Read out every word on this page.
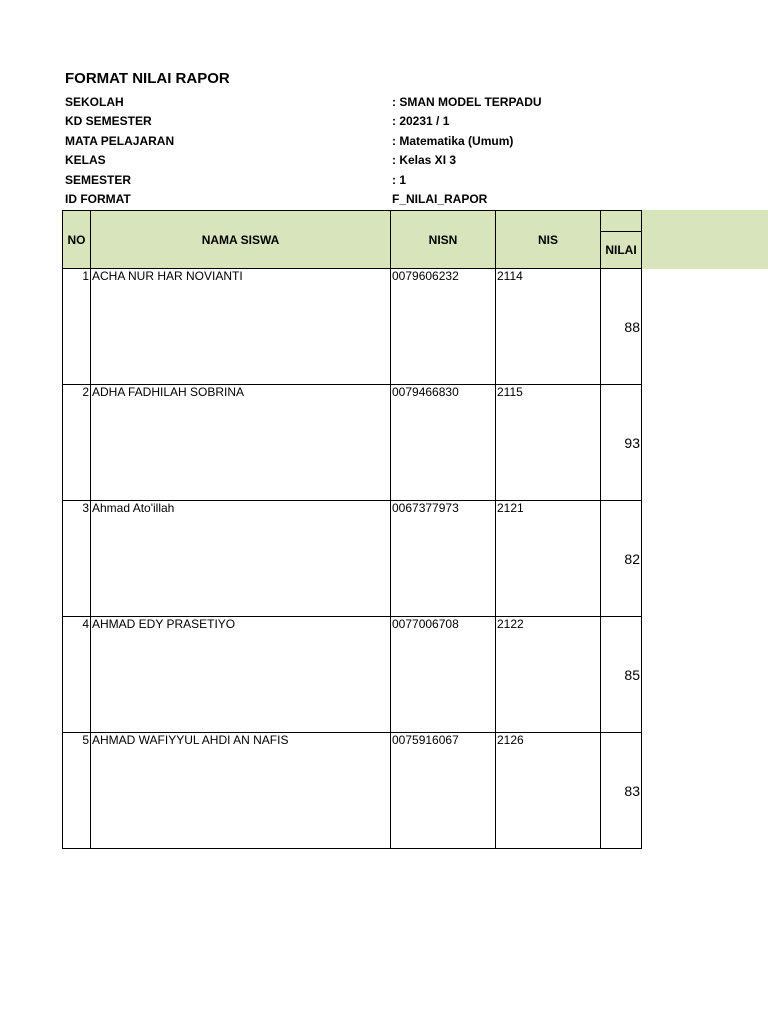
FORMAT NILAI RAPOR
SEKOLAH	: SMAN MODEL TERPADU
KD SEMESTER	: 20231 / 1
MATA PELAJARAN	: Matematika (Umum)
KELAS	: Kelas XI 3
SEMESTER	: 1
ID FORMAT	F_NILAI_RAPOR
NO	NAMA SISWA	NISN	NIS	
				NILAI
1	ACHA NUR HAR NOVIANTI	0079606232	2114	88
2	ADHA FADHILAH SOBRINA	0079466830	2115	93
3	Ahmad Ato'illah	0067377973	2121	82
4	AHMAD EDY PRASETIYO	0077006708	2122	85
5	AHMAD WAFIYYUL AHDI AN NAFIS	0075916067	2126	83
